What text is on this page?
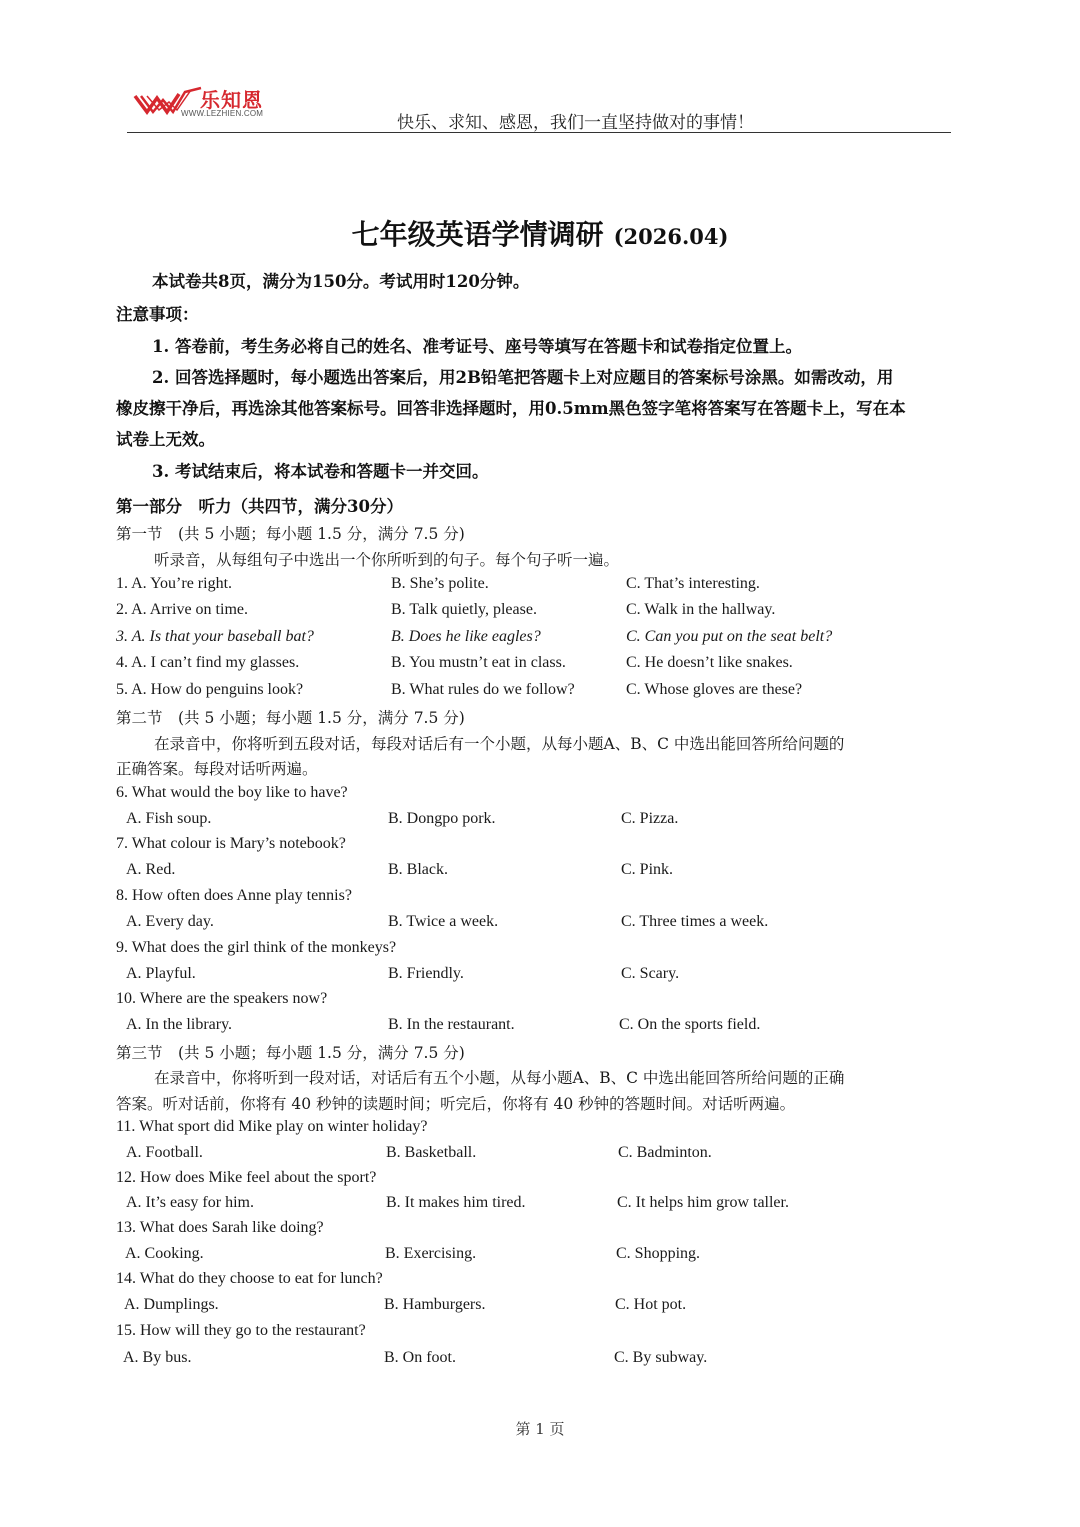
乐知恩
WWW.LEZHIEN.COM	快乐、求知、感恩，我们一直坚持做对的事情！
七年级英语学情调研 (2026.04)
本试卷共8页，满分为150分。考试用时120分钟。
注意事项：
1. 答卷前，考生务必将自己的姓名、准考证号、座号等填写在答题卡和试卷指定位置上。
2. 回答选择题时，每小题选出答案后，用2B铅笔把答题卡上对应题目的答案标号涂黑。如需改动，用
橡皮擦干净后，再选涂其他答案标号。回答非选择题时，用0.5mm黑色签字笔将答案写在答题卡上，写在本
试卷上无效。
3. 考试结束后，将本试卷和答题卡一并交回。
第一部分　听力（共四节，满分30分）
第一节　(共 5 小题；每小题 1.5 分，满分 7.5 分)
听录音，从每组句子中选出一个你所听到的句子。每个句子听一遍。
1. A. You’re right.	B. She’s polite.	C. That’s interesting.
2. A. Arrive on time.	B. Talk quietly, please.	C. Walk in the hallway.
3. A. Is that your baseball bat?	B. Does he like eagles?	C. Can you put on the seat belt?
4. A. I can’t find my glasses.	B. You mustn’t eat in class.	C. He doesn’t like snakes.
5. A. How do penguins look?	B. What rules do we follow?	C. Whose gloves are these?
第二节　(共 5 小题；每小题 1.5 分，满分 7.5 分)
在录音中，你将听到五段对话，每段对话后有一个小题，从每小题A、B、C 中选出能回答所给问题的
正确答案。每段对话听两遍。
6. What would the boy like to have?
A. Fish soup.	B. Dongpo pork.	C. Pizza.
7. What colour is Mary’s notebook?
A. Red.	B. Black.	C. Pink.
8. How often does Anne play tennis?
A. Every day.	B. Twice a week.	C. Three times a week.
9. What does the girl think of the monkeys?
A. Playful.	B. Friendly.	C. Scary.
10. Where are the speakers now?
A. In the library.	B. In the restaurant.	C. On the sports field.
第三节　(共 5 小题；每小题 1.5 分，满分 7.5 分)
在录音中，你将听到一段对话，对话后有五个小题，从每小题A、B、C 中选出能回答所给问题的正确
答案。听对话前，你将有 40 秒钟的读题时间；听完后，你将有 40 秒钟的答题时间。对话听两遍。
11. What sport did Mike play on winter holiday?
A. Football.	B. Basketball.	C. Badminton.
12. How does Mike feel about the sport?
A. It’s easy for him.	B. It makes him tired.	C. It helps him grow taller.
13. What does Sarah like doing?
A. Cooking.	B. Exercising.	C. Shopping.
14. What do they choose to eat for lunch?
A. Dumplings.	B. Hamburgers.	C. Hot pot.
15. How will they go to the restaurant?
A. By bus.	B. On foot.	C. By subway.
第 1 页
